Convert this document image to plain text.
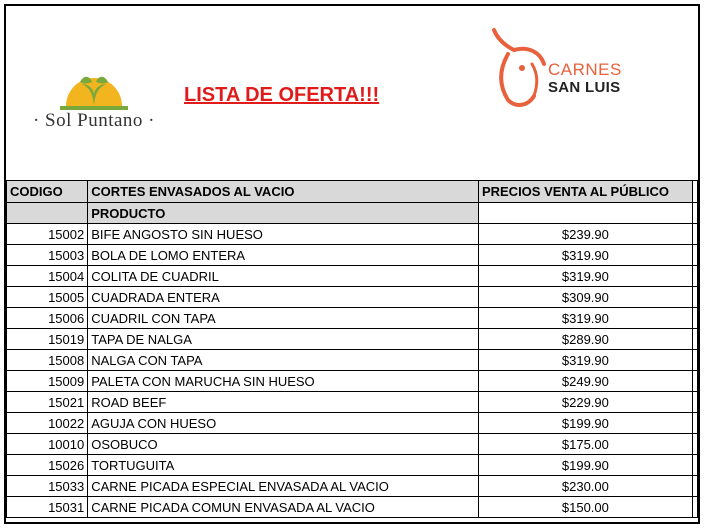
· Sol Puntano ·
LISTA DE OFERTA!!!
CARNES
SAN LUIS
CODIGO	CORTES ENVASADOS AL VACIO	PRECIOS VENTA AL PÚBLICO	
	PRODUCTO		
15002	BIFE ANGOSTO SIN HUESO	$239.90	
15003	BOLA DE LOMO ENTERA	$319.90	
15004	COLITA DE CUADRIL	$319.90	
15005	CUADRADA ENTERA	$309.90	
15006	CUADRIL CON TAPA	$319.90	
15019	TAPA DE NALGA	$289.90	
15008	NALGA CON TAPA	$319.90	
15009	PALETA CON MARUCHA SIN HUESO	$249.90	
15021	ROAD BEEF	$229.90	
10022	AGUJA CON HUESO	$199.90	
10010	OSOBUCO	$175.00	
15026	TORTUGUITA	$199.90	
15033	CARNE PICADA ESPECIAL ENVASADA AL VACIO	$230.00	
15031	CARNE PICADA COMUN ENVASADA AL VACIO	$150.00	
